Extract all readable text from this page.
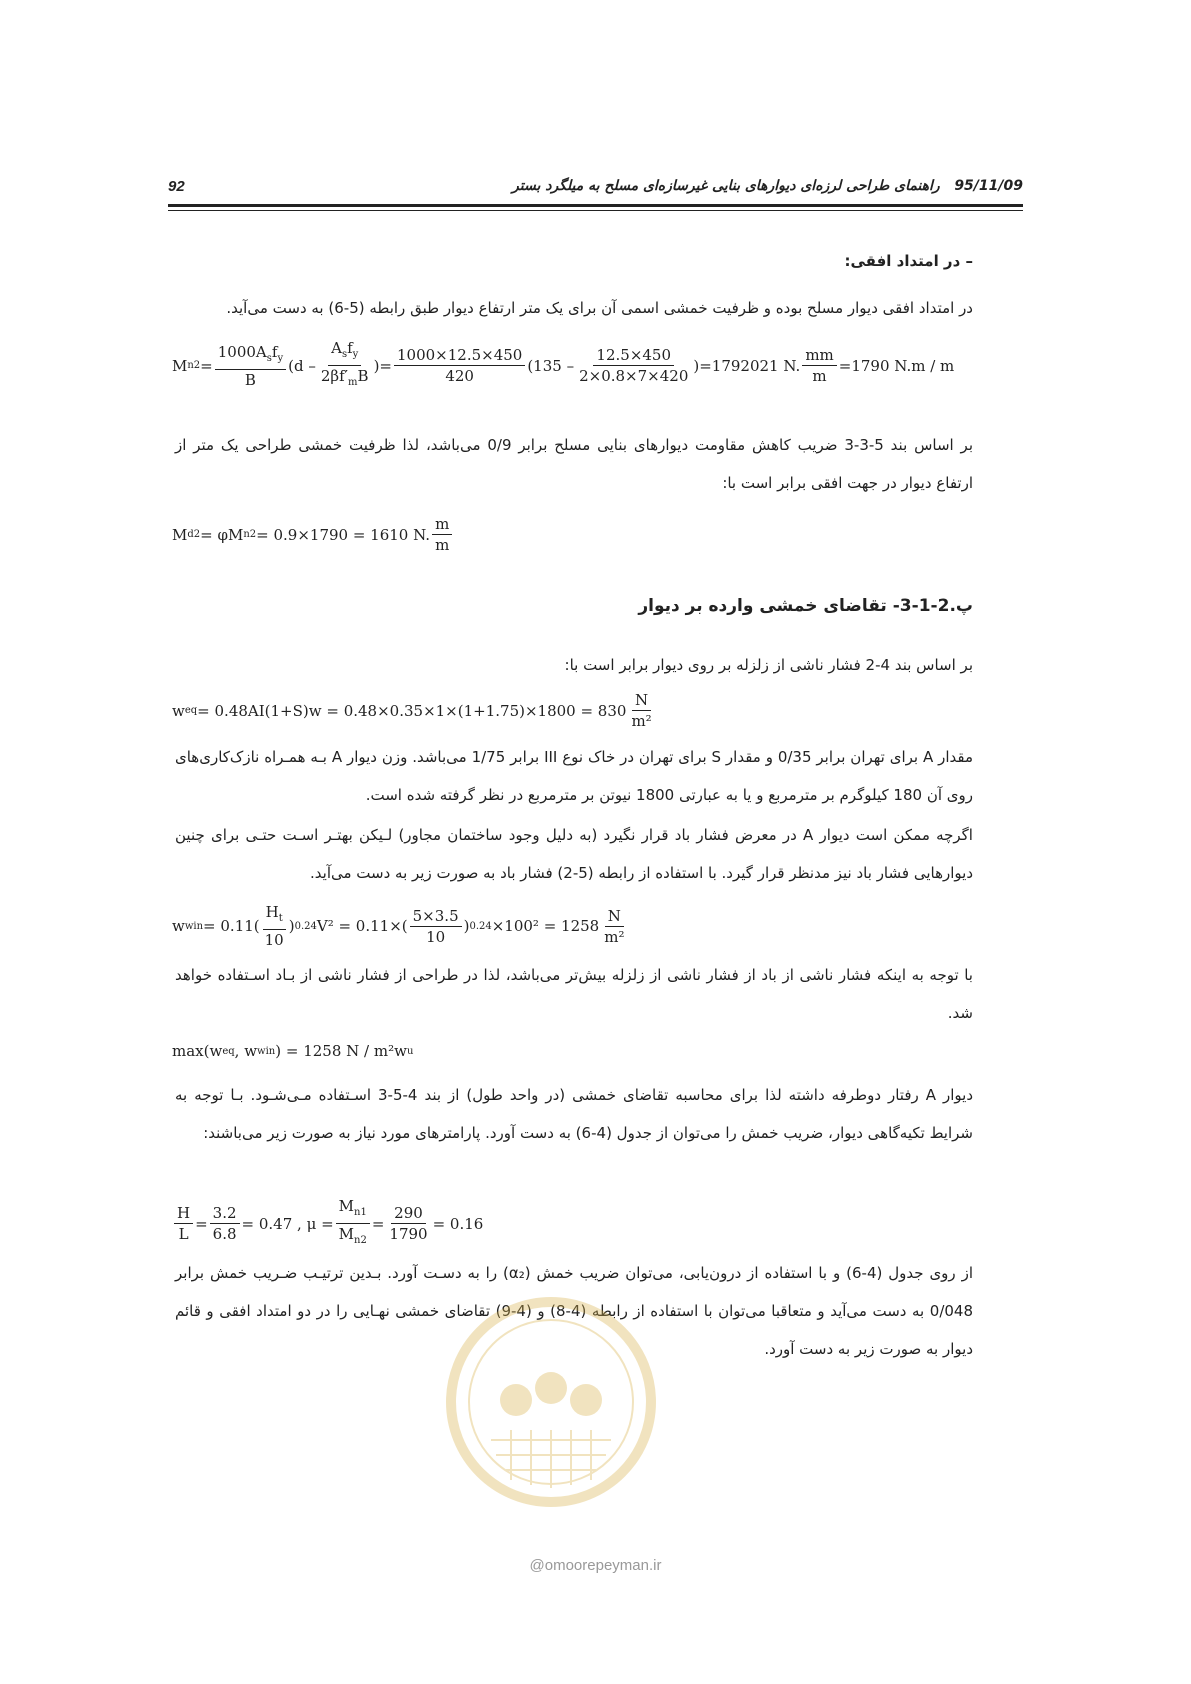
92	95/11/09   راهنمای طراحی لرزه‌ای دیوارهای بنایی غیرسازه‌ای مسلح به میلگرد بستر
– در امتداد افقی:
در امتداد افقی دیوار مسلح بوده و ظرفیت خمشی اسمی آن برای یک متر ارتفاع دیوار طبق رابطه (5-6) به دست می‌آید.
M $n2 = \frac{1000A_sf_y}{B} (d - \frac{A_sf_y}{2\beta f'_mB}$ )= $\frac{1000\times 12.5\times 450}{420} (135 - \frac{12.5\times 450}{2\times 0.8\times 7\times 420} )=1792021$ N. $\frac{mm}{m} =1790$ N.m / m
بر اساس بند 5-3-3 ضریب کاهش مقاومت دیوارهای بنایی مسلح برابر 0/9 می‌باشد، لذا ظرفیت خمشی طراحی یک متر از ارتفاع دیوار در جهت افقی برابر است با:
M d2 = φM n2 = 0.9×1790 = 1610 N. $\frac{m}{m}$
پ.2-1-3- تقاضای خمشی وارده بر دیوار
بر اساس بند 4-2 فشار ناشی از زلزله بر روی دیوار برابر است با:
w eq = $0.48AI(1+S)w = 0.48\times 0.35\times 1\times(1+1.75)\times 1800 = 830 \frac{N}{\text{m²}}$
مقدار A برای تهران برابر 0/35 و مقدار S برای تهران در خاک نوع III برابر 1/75 می‌باشد. وزن دیوار A بـه همـراه نازک‌کاری‌های روی آن 180 کیلوگرم بر مترمربع و یا به عبارتی 1800 نیوتن بر مترمربع در نظر گرفته شده است.
اگرچه ممکن است دیوار A در معرض فشار باد قرار نگیرد (به دلیل وجود ساختمان مجاور) لـیکن بهتـر اسـت حتـی برای چنین دیوارهایی فشار باد نیز مدنظر قرار گیرد. با استفاده از رابطه (5-2) فشار باد به صورت زیر به دست می‌آید.
w win = $0.11( \frac{H_t}{10}$ ) 0.24 $V^2 = 0.11\times( \frac{5\times 3.5}{10}$ ) $0.24 \times 100^2 = 1258 \frac{N}{\text{m²}}$
با توجه به اینکه فشار ناشی از باد از فشار ناشی از زلزله بیش‌تر می‌باشد، لذا در طراحی از فشار ناشی از بـاد اسـتفاده خواهد شد.
max(w eq , w win ) = 1258 N / m²w u
دیوار A رفتار دوطرفه داشته لذا برای محاسبه تقاضای خمشی (در واحد طول) از بند 4-5-3 اسـتفاده مـی‌شـود. بـا توجه به شرایط تکیه‌گاهی دیوار، ضریب خمش را می‌توان از جدول (4-6) به دست آورد. پارامترهای مورد نیاز به صورت زیر می‌باشند:
$\frac{H}{L} = \frac{3.2}{6.8} = 0.47$ , $\mu = \frac{M_{n1}}{M_{n2}} = \frac{290}{1790} = 0.16$
از روی جدول (4-6) و با استفاده از درون‌یابی، می‌توان ضریب خمش (α₂) را به دسـت آورد. بـدین ترتیـب ضـریب خمش برابر 0/048 به دست می‌آید و متعاقبا می‌توان با استفاده از رابطه (4-8) و (4-9) تقاضای خمشی نهـایی را در دو امتداد افقی و قائم دیوار به صورت زیر به دست آورد.
@omoorepeyman.ir
